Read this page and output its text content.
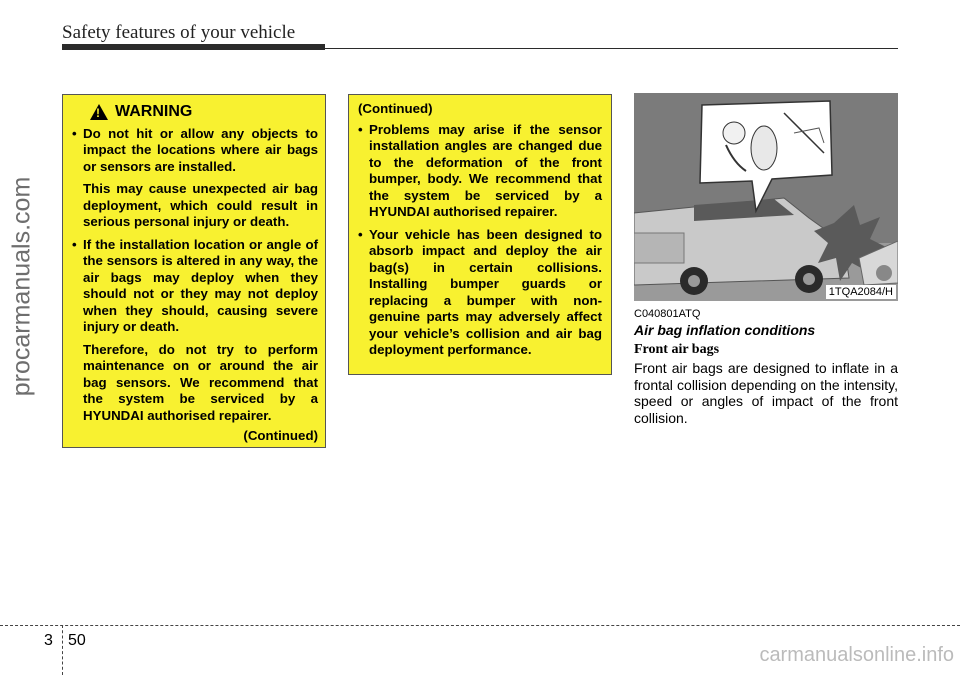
Safety features of your vehicle
procarmanuals.com
!
WARNING
• Do not hit or allow any objects to impact the locations where air bags or sensors are installed.
This may cause unexpected air bag deployment, which could result in serious personal injury or death.
• If the installation location or angle of the sensors is altered in any way, the air bags may deploy when they should not or they may not deploy when they should, causing severe injury or death.
Therefore, do not try to perform maintenance on or around the air bag sensors. We recommend that the system be serviced by a HYUNDAI authorised repairer.
(Continued)
(Continued)
• Problems may arise if the sensor installation angles are changed due to the deformation of the front bumper, body. We recommend that the system be serviced by a HYUNDAI authorised repairer.
• Your vehicle has been designed to absorb impact and deploy the air bag(s) in certain collisions. Installing bumper guards or replacing a bumper with non-genuine parts may adversely affect your vehicle’s collision and air bag deployment performance.
1TQA2084/H
C040801ATQ
Air bag inflation conditions
Front air bags
Front air bags are designed to inflate in a frontal collision depending on the intensity, speed or angles of impact of the front collision.
3 50
carmanualsonline.info
